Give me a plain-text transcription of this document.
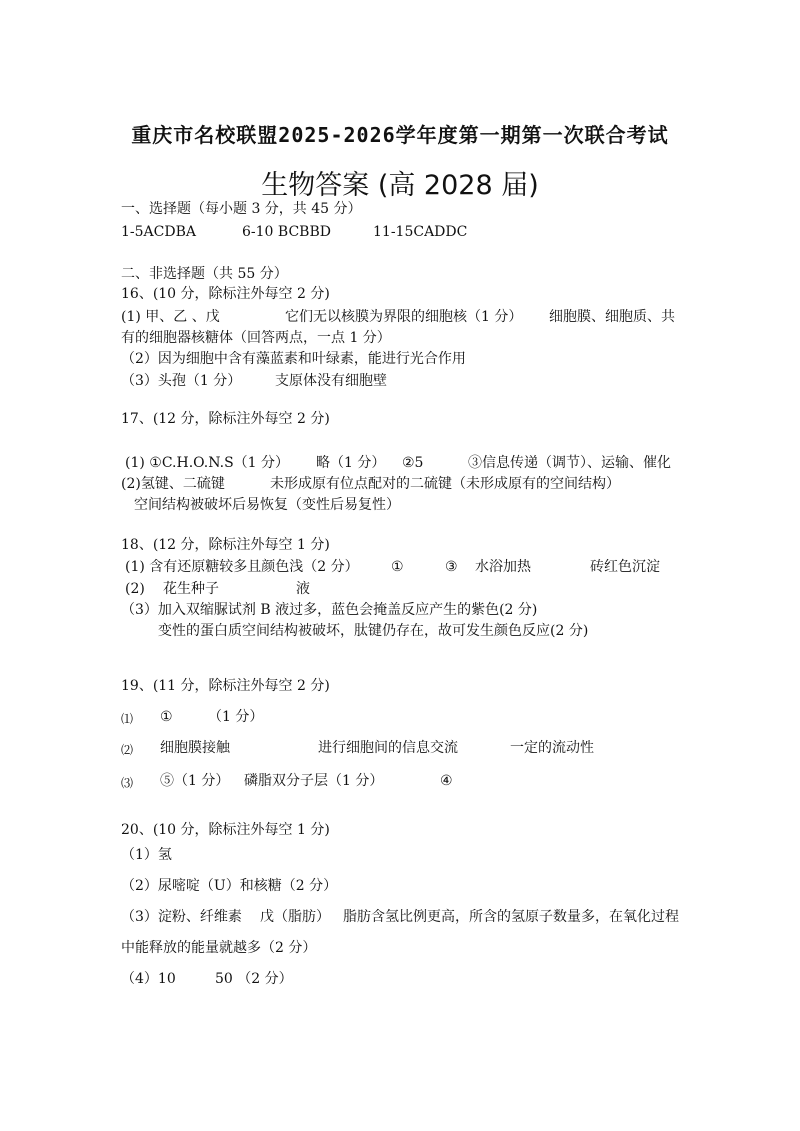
重庆市名校联盟2025-2026学年度第一期第一次联合考试
生物答案 (高 2028 届)
一、选择题（每小题 3 分，共 45 分）
1-5ACDBA	6-10 BCBBD	11-15CADDC
二、非选择题（共 55 分）
16、(10 分，除标注外每空 2 分)
(1) 甲、乙 、戊	它们无以核膜为界限的细胞核（1 分） 细胞膜、细胞质、共
有的细胞器核糖体（回答两点，一点 1 分）
（2）因为细胞中含有藻蓝素和叶绿素，能进行光合作用
（3）头孢（1 分） 支原体没有细胞壁
17、(12 分，除标注外每空 2 分)
(1) ①C.H.O.N.S（1 分） 略（1 分） ②5	③信息传递（调节）、运输、催化
(2)氢键、二硫键	未形成原有位点配对的二硫键（未形成原有的空间结构）
空间结构被破坏后易恢复（变性后易复性）
18、(12 分，除标注外每空 1 分)
(1) 含有还原糖较多且颜色浅（2 分） ①	③ 水浴加热	砖红色沉淀
(2) 花生种子	液
（3）加入双缩脲试剂 B 液过多，蓝色会掩盖反应产生的紫色(2 分)
变性的蛋白质空间结构被破坏，肽键仍存在，故可发生颜色反应(2 分)
19、(11 分，除标注外每空 2 分)
⑴ ①	（1 分）
⑵ 细胞膜接触	进行细胞间的信息交流	一定的流动性
⑶ ⑤（1 分） 磷脂双分子层（1 分）	④
20、(10 分，除标注外每空 1 分)
（1）氢
（2）尿嘧啶（U）和核糖（2 分）
（3）淀粉、纤维素 戊（脂肪） 脂肪含氢比例更高，所含的氢原子数量多，在氧化过程
中能释放的能量就越多（2 分）
（4）10	50 （2 分）
